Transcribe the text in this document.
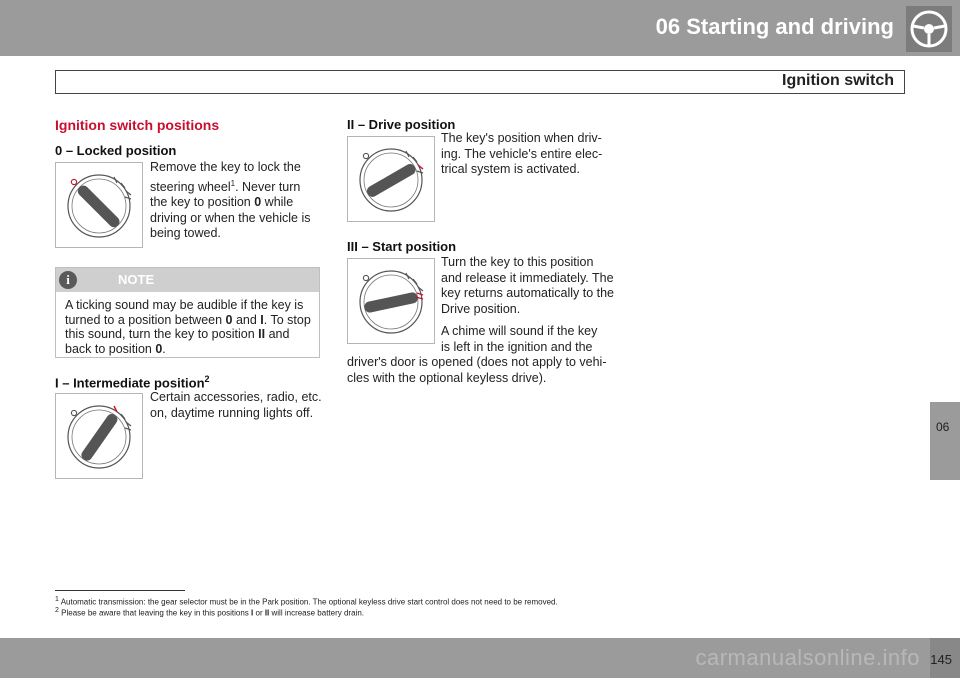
06 Starting and driving
Ignition switch
06
Ignition switch positions
0 – Locked position
Remove the key to lock the steering wheel$^1$. Never turn the key to position 0 while driving or when the vehicle is being towed.
i	NOTE
A ticking sound may be audible if the key is turned to a position between 0 and I. To stop this sound, turn the key to position II and back to position 0.
I – Intermediate position$^2$
Certain accessories, radio, etc. on, daytime running lights off.
II – Drive position
The key's position when driv-ing. The vehicle's entire elec-trical system is activated.
III – Start position
Turn the key to this position and release it immediately. The key returns automatically to the Drive position.
A chime will sound if the key
is left in the ignition and the
driver's door is opened (does not apply to vehi-cles with the optional keyless drive).
$^1$ Automatic transmission: the gear selector must be in the Park position. The optional keyless drive start control does not need to be removed.
$^2$ Please be aware that leaving the key in this positions I or II will increase battery drain.
carmanualsonline.info 145
